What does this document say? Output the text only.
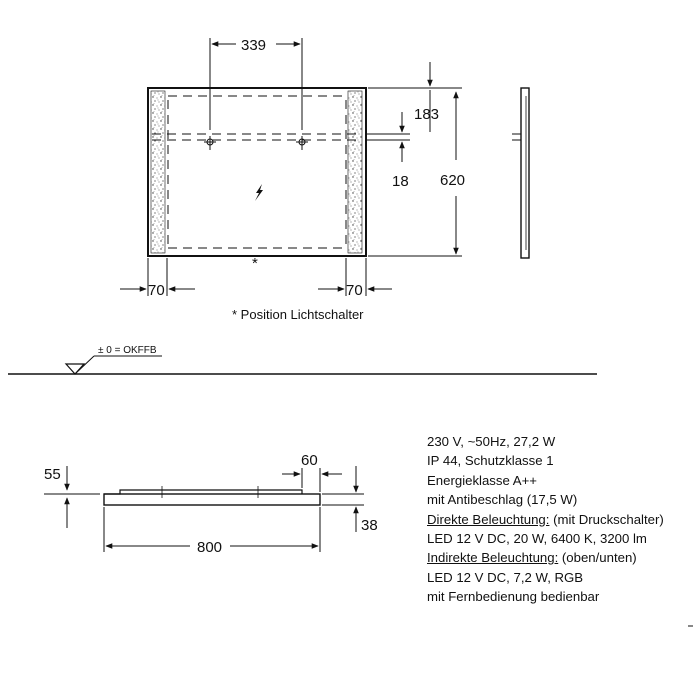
*
339
183
18 620
70	70
± 0 = OKFFB
55
60
38
800
* Position Lichtschalter
230 V, ~50Hz, 27,2 W
IP 44, Schutzklasse 1
Energieklasse A++
mit Antibeschlag (17,5 W)
Direkte Beleuchtung: (mit Druckschalter)
LED 12 V DC, 20 W, 6400 K, 3200 lm
Indirekte Beleuchtung: (oben/unten)
LED 12 V DC, 7,2 W, RGB
mit Fernbedienung bedienbar
